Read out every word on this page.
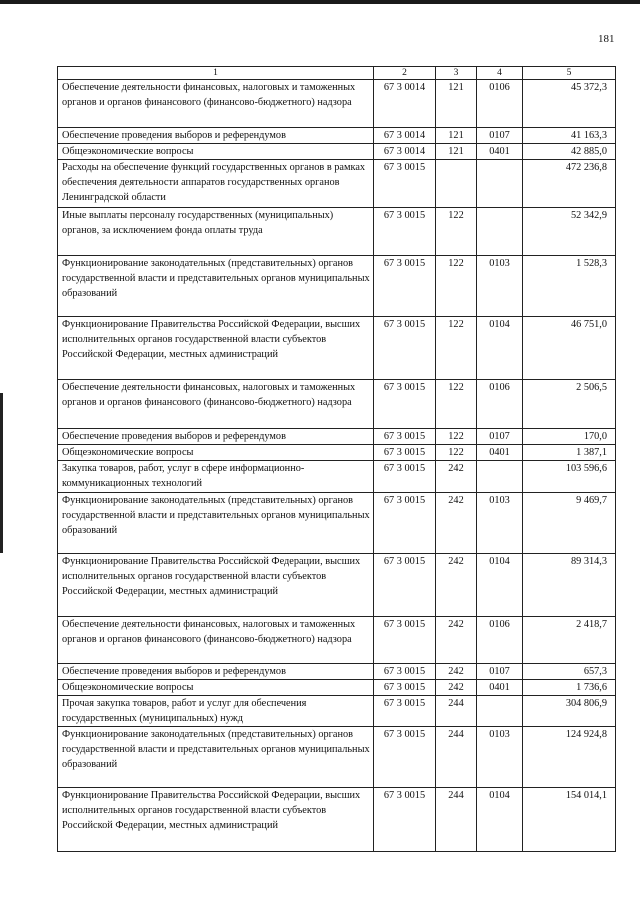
181
1	2	3	4	5
Обеспечение деятельности финансовых, налоговых и таможенных органов и органов финансового (финансово-бюджетного) надзора	67 3 0014	121	0106	45 372,3
Обеспечение проведения выборов и референдумов	67 3 0014	121	0107	41 163,3
Общеэкономические вопросы	67 3 0014	121	0401	42 885,0
Расходы на обеспечение функций государственных органов в рамках обеспечения деятельности аппаратов государственных органов Ленинградской области	67 3 0015			472 236,8
Иные выплаты персоналу государственных (муниципальных) органов, за исключением фонда оплаты труда	67 3 0015	122		52 342,9
Функционирование законодательных (представительных) органов государственной власти и представительных органов муниципальных образований	67 3 0015	122	0103	1 528,3
Функционирование Правительства Российской Федерации, высших исполнительных органов государственной власти субъектов Российской Федерации, местных администраций	67 3 0015	122	0104	46 751,0
Обеспечение деятельности финансовых, налоговых и таможенных органов и органов финансового (финансово-бюджетного) надзора	67 3 0015	122	0106	2 506,5
Обеспечение проведения выборов и референдумов	67 3 0015	122	0107	170,0
Общеэкономические вопросы	67 3 0015	122	0401	1 387,1
Закупка товаров, работ, услуг в сфере информационно-коммуникационных технологий	67 3 0015	242		103 596,6
Функционирование законодательных (представительных) органов государственной власти и представительных органов муниципальных образований	67 3 0015	242	0103	9 469,7
Функционирование Правительства Российской Федерации, высших исполнительных органов государственной власти субъектов Российской Федерации, местных администраций	67 3 0015	242	0104	89 314,3
Обеспечение деятельности финансовых, налоговых и таможенных органов и органов финансового (финансово-бюджетного) надзора	67 3 0015	242	0106	2 418,7
Обеспечение проведения выборов и референдумов	67 3 0015	242	0107	657,3
Общеэкономические вопросы	67 3 0015	242	0401	1 736,6
Прочая закупка товаров, работ и услуг для обеспечения государственных (муниципальных) нужд	67 3 0015	244		304 806,9
Функционирование законодательных (представительных) органов государственной власти и представительных органов муниципальных образований	67 3 0015	244	0103	124 924,8
Функционирование Правительства Российской Федерации, высших исполнительных органов государственной власти субъектов Российской Федерации, местных администраций	67 3 0015	244	0104	154 014,1
